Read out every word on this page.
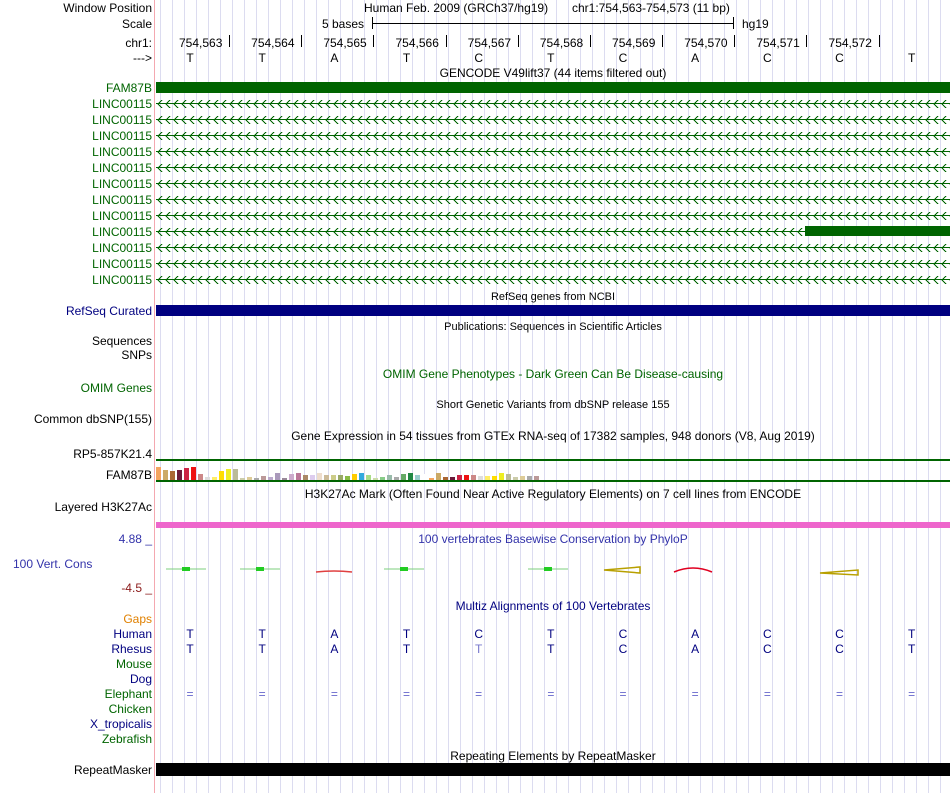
Window Position	Human Feb. 2009 (GRCh37/hg19) chr1:754,563-754,573 (11 bp)
Scale	5 bases	hg19
chr1: 754,563 754,564 754,565 754,566 754,567 754,568 754,569 754,570 754,571 754,572
--->	T	T	A	T	C	T	C	A	C	C	T
GENCODE V49lift37 (44 items filtered out)
FAM87B
LINC00115
LINC00115
LINC00115
LINC00115
LINC00115
LINC00115
LINC00115
LINC00115
LINC00115
LINC00115
LINC00115
LINC00115
RefSeq genes from NCBI
RefSeq Curated
Publications: Sequences in Scientific Articles
Sequences
SNPs
OMIM Gene Phenotypes - Dark Green Can Be Disease-causing
OMIM Genes
Short Genetic Variants from dbSNP release 155
Common dbSNP(155)
Gene Expression in 54 tissues from GTEx RNA-seq of 17382 samples, 948 donors (V8, Aug 2019)
RP5-857K21.4
FAM87B
H3K27Ac Mark (Often Found Near Active Regulatory Elements) on 7 cell lines from ENCODE
Layered H3K27Ac
100 vertebrates Basewise Conservation by PhyloP
4.88 _
100 Vert. Cons
-4.5 _
Multiz Alignments of 100 Vertebrates
Gaps
Human	T	T	A	T	C	T	C	A	C	C	T
Rhesus	T	T	A	T	T	T	C	A	C	C	T
Mouse
Dog
Elephant	=	=	=	=	=	=	=	=	=	=	=
Chicken
X_tropicalis
Zebrafish
Repeating Elements by RepeatMasker
RepeatMasker
